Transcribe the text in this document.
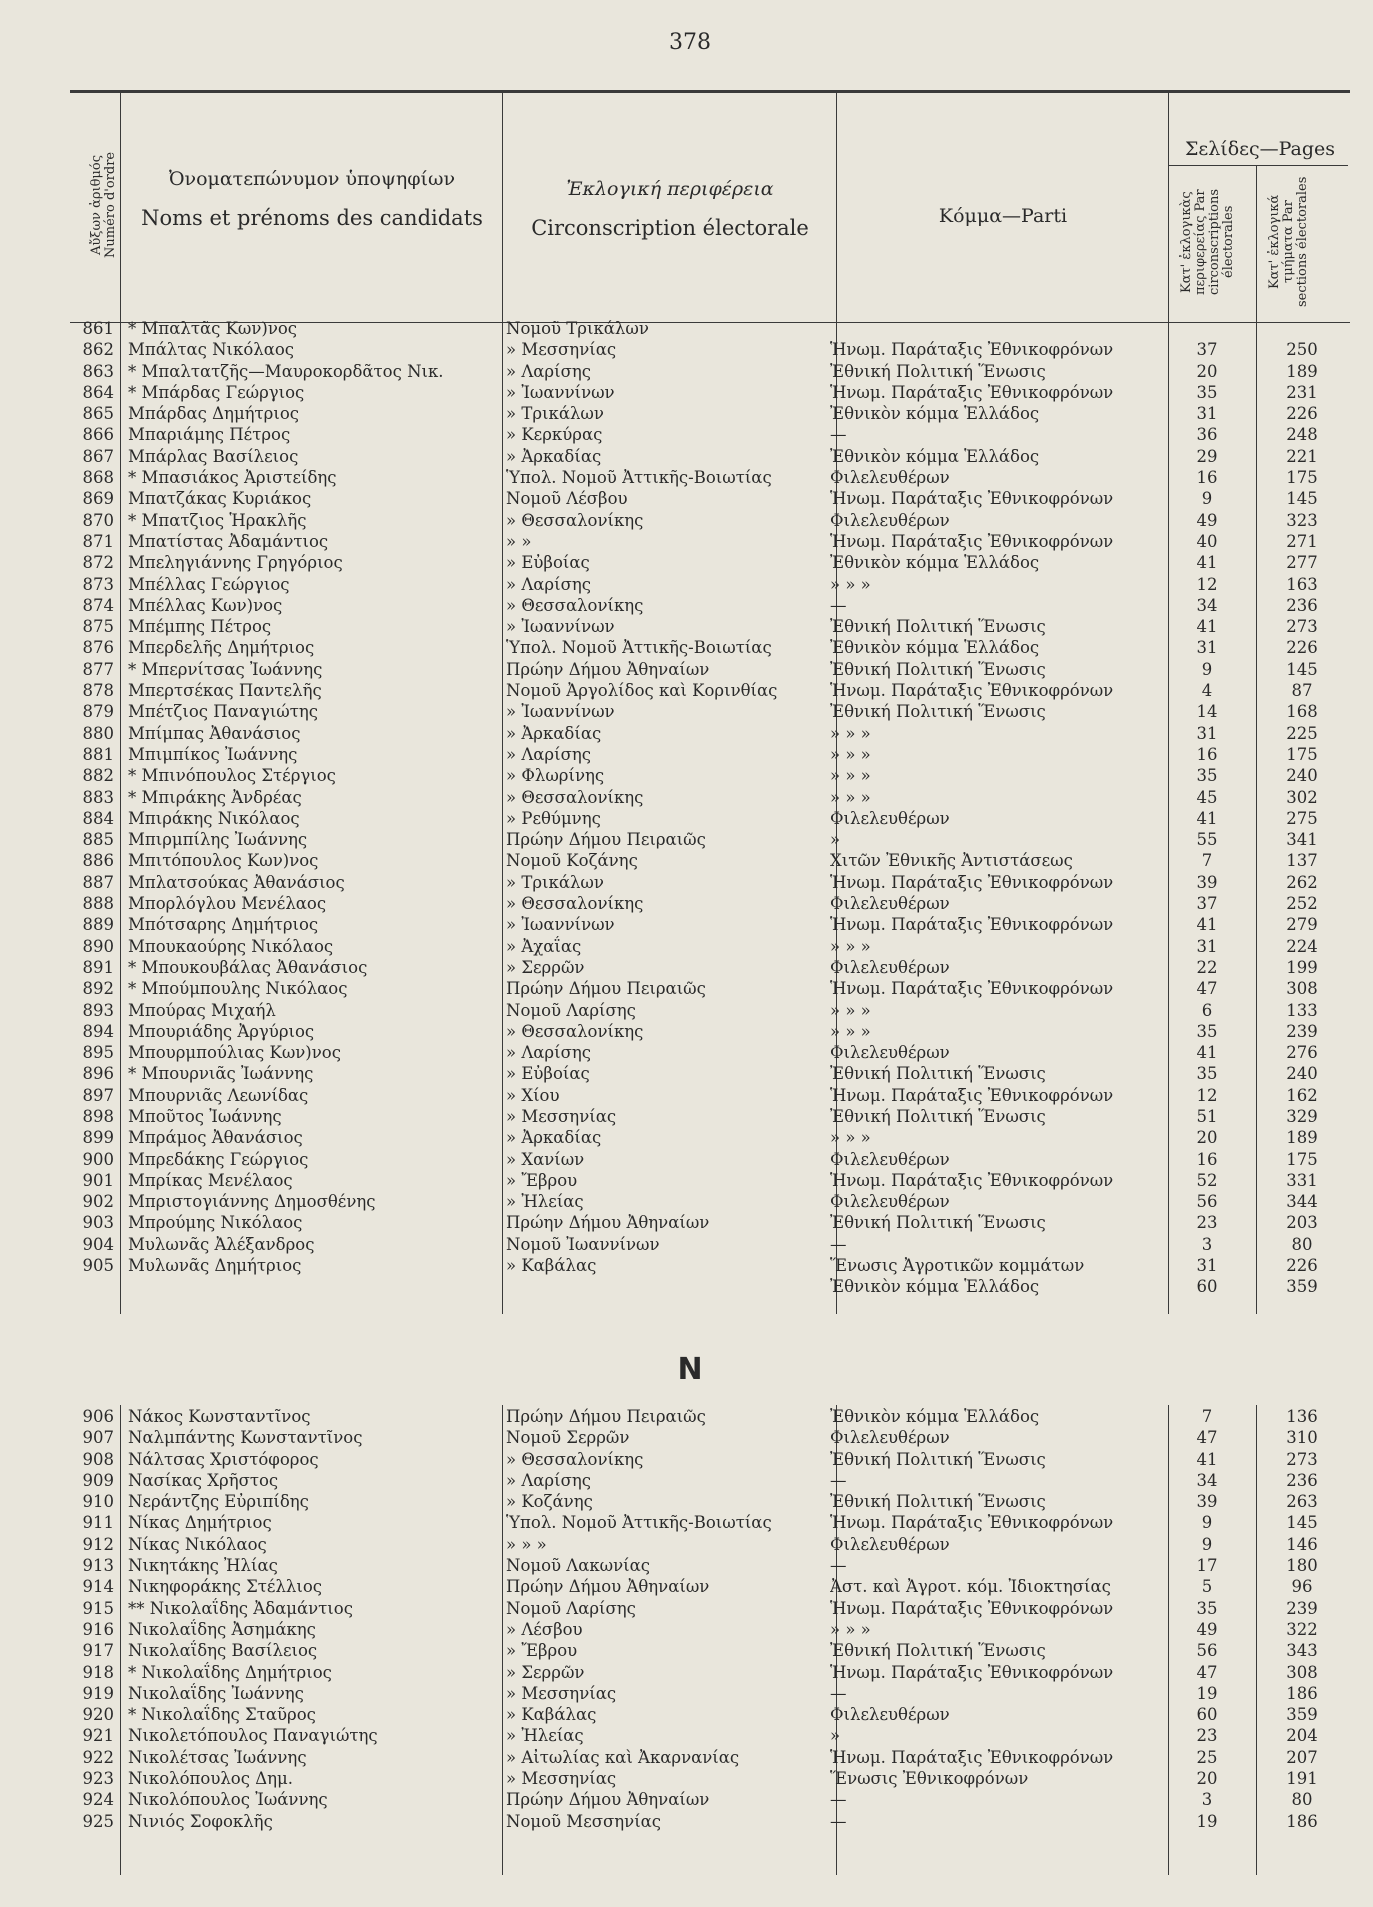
378
Αὔξων ἀριθμός
Numéro d'ordre	Ὀνοματεπώνυμον ὑποψηφίων
Noms et prénoms des candidats
Ἐκλογική περιφέρεια
Circonscription électorale	Κόμμα—Parti
Σελίδες—Pages
Κατ' ἐκλογικὰς περιφερείας Par circonscriptions électorales	Κατ' ἐκλογικά τμήματα Par sections électorales
861 * Μπαλτᾶς Κων)νος	Νομοῦ Τρικάλων
862 Μπάλτας Νικόλαος	» Μεσσηνίας	Ἡνωμ. Παράταξις Ἐθνικοφρόνων	37	250
863 * Μπαλτατζῆς—Μαυροκορδᾶτος Νικ.	» Λαρίσης	Ἐθνική Πολιτική Ἕνωσις	20	189
864 * Μπάρδας Γεώργιος	» Ἰωαννίνων	Ἡνωμ. Παράταξις Ἐθνικοφρόνων	35	231
865 Μπάρδας Δημήτριος	» Τρικάλων	Ἐθνικὸν κόμμα Ἑλλάδος	31	226
866 Μπαριάμης Πέτρος	» Κερκύρας	—	36	248
867 Μπάρλας Βασίλειος	» Ἀρκαδίας	Ἐθνικὸν κόμμα Ἑλλάδος	29	221
868 * Μπασιάκος Ἀριστείδης	Ὑπολ. Νομοῦ Ἀττικῆς-Βοιωτίας	Φιλελευθέρων	16	175
869 Μπατζάκας Κυριάκος	Νομοῦ Λέσβου	Ἡνωμ. Παράταξις Ἐθνικοφρόνων	9	145
870 * Μπατζιος Ἡρακλῆς	» Θεσσαλονίκης	Φιλελευθέρων	49	323
871 Μπατίστας Ἀδαμάντιος	» »	Ἡνωμ. Παράταξις Ἐθνικοφρόνων	40	271
872 Μπεληγιάννης Γρηγόριος	» Εὐβοίας	Ἐθνικὸν κόμμα Ἑλλάδος	41	277
873 Μπέλλας Γεώργιος	» Λαρίσης	» » »	12	163
874 Μπέλλας Κων)νος	» Θεσσαλονίκης	—	34	236
875 Μπέμπης Πέτρος	» Ἰωαννίνων	Ἐθνική Πολιτική Ἕνωσις	41	273
876 Μπερδελῆς Δημήτριος	Ὑπολ. Νομοῦ Ἀττικῆς-Βοιωτίας	Ἐθνικὸν κόμμα Ἑλλάδος	31	226
877 * Μπερνίτσας Ἰωάννης	Πρώην Δήμου Ἀθηναίων	Ἐθνική Πολιτική Ἕνωσις	9	145
878 Μπερτσέκας Παντελῆς	Νομοῦ Ἀργολίδος καὶ Κορινθίας	Ἡνωμ. Παράταξις Ἐθνικοφρόνων	4	87
879 Μπέτζιος Παναγιώτης	» Ἰωαννίνων	Ἐθνική Πολιτική Ἕνωσις	14	168
880 Μπίμπας Ἀθανάσιος	» Ἀρκαδίας	» » »	31	225
881 Μπιμπίκος Ἰωάννης	» Λαρίσης	» » »	16	175
882 * Μπινόπουλος Στέργιος	» Φλωρίνης	» » »	35	240
883 * Μπιράκης Ἀνδρέας	» Θεσσαλονίκης	» » »	45	302
884 Μπιράκης Νικόλαος	» Ρεθύμνης	Φιλελευθέρων	41	275
885 Μπιρμπίλης Ἰωάννης	Πρώην Δήμου Πειραιῶς	»	55	341
886 Μπιτόπουλος Κων)νος	Νομοῦ Κοζάνης	Χιτῶν Ἐθνικῆς Ἀντιστάσεως	7	137
887 Μπλατσούκας Ἀθανάσιος	» Τρικάλων	Ἡνωμ. Παράταξις Ἐθνικοφρόνων	39	262
888 Μπορλόγλου Μενέλαος	» Θεσσαλονίκης	Φιλελευθέρων	37	252
889 Μπότσαρης Δημήτριος	» Ἰωαννίνων	Ἡνωμ. Παράταξις Ἐθνικοφρόνων	41	279
890 Μπουκαούρης Νικόλαος	» Ἀχαΐας	» » »	31	224
891 * Μπουκουβάλας Ἀθανάσιος	» Σερρῶν	Φιλελευθέρων	22	199
892 * Μπούμπουλης Νικόλαος	Πρώην Δήμου Πειραιῶς	Ἡνωμ. Παράταξις Ἐθνικοφρόνων	47	308
893 Μπούρας Μιχαήλ	Νομοῦ Λαρίσης	» » »	6	133
894 Μπουριάδης Ἀργύριος	» Θεσσαλονίκης	» » »	35	239
895 Μπουρμπούλιας Κων)νος	» Λαρίσης	Φιλελευθέρων	41	276
896 * Μπουρνιᾶς Ἰωάννης	» Εὐβοίας	Ἐθνική Πολιτική Ἕνωσις	35	240
897 Μπουρνιᾶς Λεωνίδας	» Χίου	Ἡνωμ. Παράταξις Ἐθνικοφρόνων	12	162
898 Μποῦτος Ἰωάννης	» Μεσσηνίας	Ἐθνική Πολιτική Ἕνωσις	51	329
899 Μπράμος Ἀθανάσιος	» Ἀρκαδίας	» » »	20	189
900 Μπρεδάκης Γεώργιος	» Χανίων	Φιλελευθέρων	16	175
901 Μπρίκας Μενέλαος	» Ἔβρου	Ἡνωμ. Παράταξις Ἐθνικοφρόνων	52	331
902 Μπριστογιάννης Δημοσθένης	» Ἠλείας	Φιλελευθέρων	56	344
903 Μπρούμης Νικόλαος	Πρώην Δήμου Ἀθηναίων	Ἐθνική Πολιτική Ἕνωσις	23	203
904 Μυλωνᾶς Ἀλέξανδρος	Νομοῦ Ἰωαννίνων	—	3	80
905 Μυλωνᾶς Δημήτριος	» Καβάλας	Ἕνωσις Ἀγροτικῶν κομμάτων	31	226
Ἐθνικὸν κόμμα Ἑλλάδος	60	359
N
906 Νάκος Κωνσταντῖνος	Πρώην Δήμου Πειραιῶς	Ἐθνικὸν κόμμα Ἑλλάδος	7	136
907 Ναλμπάντης Κωνσταντῖνος	Νομοῦ Σερρῶν	Φιλελευθέρων	47	310
908 Νάλτσας Χριστόφορος	» Θεσσαλονίκης	Ἐθνική Πολιτική Ἕνωσις	41	273
909 Νασίκας Χρῆστος	» Λαρίσης	—	34	236
910 Νεράντζης Εὐριπίδης	» Κοζάνης	Ἐθνική Πολιτική Ἕνωσις	39	263
911 Νίκας Δημήτριος	Ὑπολ. Νομοῦ Ἀττικῆς-Βοιωτίας	Ἡνωμ. Παράταξις Ἐθνικοφρόνων	9	145
912 Νίκας Νικόλαος	» » »	Φιλελευθέρων	9	146
913 Νικητάκης Ἠλίας	Νομοῦ Λακωνίας	—	17	180
914 Νικηφοράκης Στέλλιος	Πρώην Δήμου Ἀθηναίων	Ἀστ. καὶ Ἀγροτ. κόμ. Ἰδιοκτησίας	5	96
915 ** Νικολαΐδης Ἀδαμάντιος	Νομοῦ Λαρίσης	Ἡνωμ. Παράταξις Ἐθνικοφρόνων	35	239
916 Νικολαΐδης Ἀσημάκης	» Λέσβου	» » »	49	322
917 Νικολαΐδης Βασίλειος	» Ἔβρου	Ἐθνική Πολιτική Ἕνωσις	56	343
918 * Νικολαΐδης Δημήτριος	» Σερρῶν	Ἡνωμ. Παράταξις Ἐθνικοφρόνων	47	308
919 Νικολαΐδης Ἰωάννης	» Μεσσηνίας	—	19	186
920 * Νικολαΐδης Σταῦρος	» Καβάλας	Φιλελευθέρων	60	359
921 Νικολετόπουλος Παναγιώτης	» Ἠλείας	»	23	204
922 Νικολέτσας Ἰωάννης	» Αἰτωλίας καὶ Ἀκαρνανίας	Ἡνωμ. Παράταξις Ἐθνικοφρόνων	25	207
923 Νικολόπουλος Δημ.	» Μεσσηνίας	Ἕνωσις Ἐθνικοφρόνων	20	191
924 Νικολόπουλος Ἰωάννης	Πρώην Δήμου Ἀθηναίων	—	3	80
925 Νινιός Σοφοκλῆς	Νομοῦ Μεσσηνίας	—	19	186
